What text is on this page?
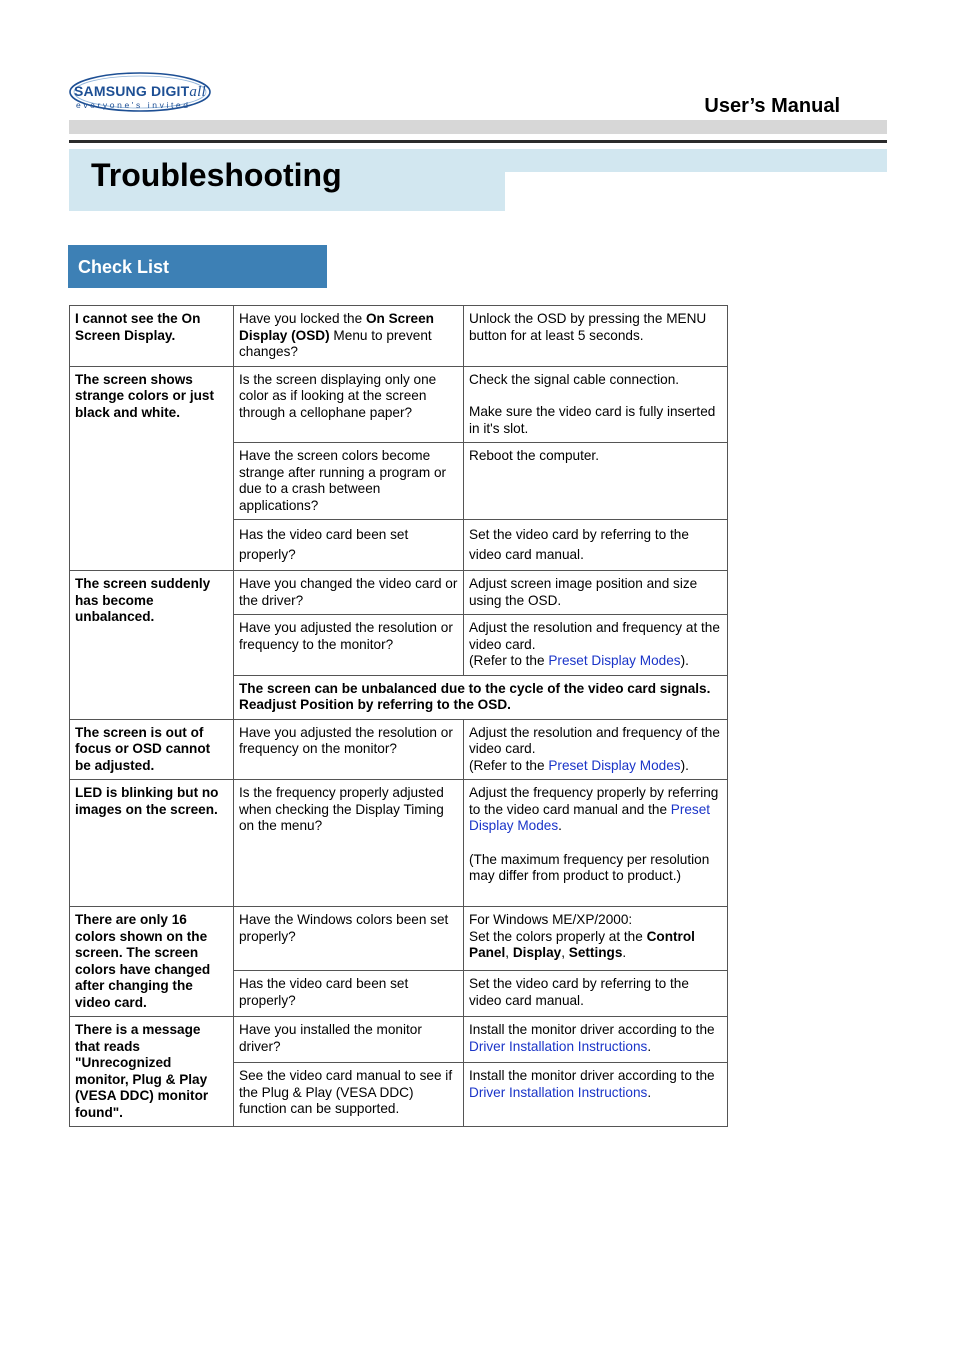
SAMSUNG DIGITall
everyone's invited	User’s Manual
Troubleshooting
Check List
I cannot see the On Screen Display.	Have you locked the On Screen Display (OSD) Menu to prevent changes?	Unlock the OSD by pressing the MENU button for at least 5 seconds.
The screen shows strange colors or just black and white.	Is the screen displaying only one color as if looking at the screen through a cellophane paper?	Check the signal cable connection.
Make sure the video card is fully inserted in it's slot.

	Have the screen colors become strange after running a program or due to a crash between applications?	Reboot the computer.
	Has the video card been set properly?	Set the video card by referring to the video card manual.
The screen suddenly has become unbalanced.	Have you changed the video card or the driver?	Adjust screen image position and size using the OSD.
	Have you adjusted the resolution or frequency to the monitor?	Adjust the resolution and frequency at the video card.
(Refer to the Preset Display Modes).

	The screen can be unbalanced due to the cycle of the video card signals. Readjust Position by referring to the OSD.	
The screen is out of focus or OSD cannot be adjusted.	Have you adjusted the resolution or frequency on the monitor?	Adjust the resolution and frequency of the video card.
(Refer to the Preset Display Modes).

LED is blinking but no images on the screen.	Is the frequency properly adjusted when checking the Display Timing on the menu?	Adjust the frequency properly by referring to the video card manual and the Preset Display Modes.
(The maximum frequency per resolution may differ from product to product.)

There are only 16 colors shown on the screen. The screen colors have changed after changing the video card.	Have the Windows colors been set properly?	For Windows ME/XP/2000:
Set the colors properly at the Control Panel, Display, Settings.

	Has the video card been set properly?	Set the video card by referring to the video card manual.
There is a message that reads "Unrecognized monitor, Plug & Play (VESA DDC) monitor found".	Have you installed the monitor driver?	Install the monitor driver according to the Driver Installation Instructions.
	See the video card manual to see if the Plug & Play (VESA DDC) function can be supported.	Install the monitor driver according to the Driver Installation Instructions.
